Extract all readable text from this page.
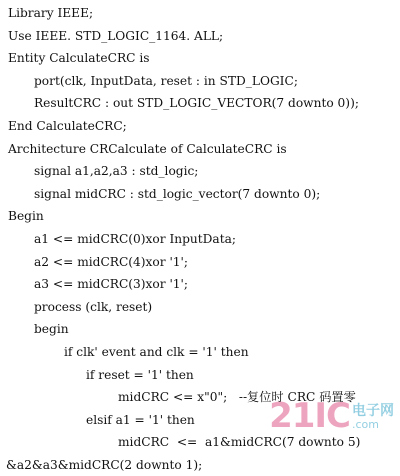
Library IEEE;
Use IEEE. STD_LOGIC_1164. ALL;
Entity CalculateCRC is
port(clk, InputData, reset : in STD_LOGIC;
ResultCRC : out STD_LOGIC_VECTOR(7 downto 0));
End CalculateCRC;
Architecture CRCalculate of CalculateCRC is
signal a1,a2,a3 : std_logic;
signal midCRC : std_logic_vector(7 downto 0);
Begin
a1 <= midCRC(0)xor InputData;
a2 <= midCRC(4)xor '1';
a3 <= midCRC(3)xor '1';
process (clk, reset)
begin
if clk' event and clk = '1' then
if reset = '1' then
midCRC <= x"0";   --复位时 CRC 码置零
elsif a1 = '1' then
midCRC  <=  a1&midCRC(7 downto 5)
&a2&a3&midCRC(2 downto 1);
21IC 电子网
.com
